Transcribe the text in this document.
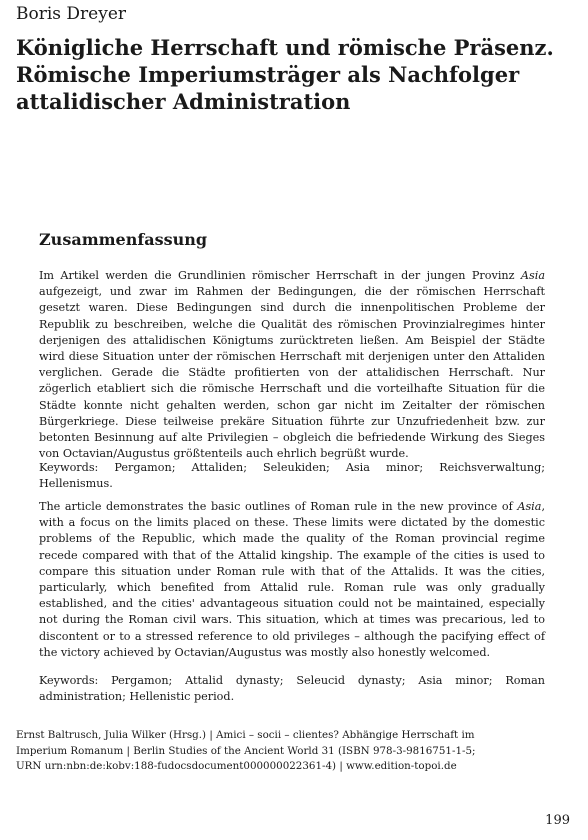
Boris Dreyer
Königliche Herrschaft und römische Präsenz. Römische Imperiumsträger als Nachfolger attalidischer Administration
Zusammenfassung

Im Artikel werden die Grundlinien römischer Herrschaft in der jungen Provinz Asia aufgezeigt, und zwar im Rahmen der Bedingungen, die der römischen Herrschaft gesetzt waren. Diese Bedingungen sind durch die innenpolitischen Probleme der Republik zu beschreiben, welche die Qualität des römischen Provinzialregimes hinter derjenigen des attalidischen Königtums zurücktreten ließen. Am Beispiel der Städte wird diese Situation unter der römischen Herrschaft mit derjenigen unter den Attaliden verglichen. Gerade die Städte profitierten von der attalidischen Herrschaft. Nur zögerlich etabliert sich die römische Herrschaft und die vorteilhafte Situation für die Städte konnte nicht gehalten werden, schon gar nicht im Zeitalter der römischen Bürgerkriege. Diese teilweise prekäre Situation führte zur Unzufriedenheit bzw. zur betonten Besinnung auf alte Privilegien – obgleich die befriedende Wirkung des Sieges von Octavian/Augustus größtenteils auch ehrlich begrüßt wurde.

Keywords: Pergamon; Attaliden; Seleukiden; Asia minor; Reichsverwaltung; Hellenismus.

The article demonstrates the basic outlines of Roman rule in the new province of Asia, with a focus on the limits placed on these. These limits were dictated by the domestic problems of the Republic, which made the quality of the Roman provincial regime recede compared with that of the Attalid kingship. The example of the cities is used to compare this situation under Roman rule with that of the Attalids. It was the cities, particularly, which benefited from Attalid rule. Roman rule was only gradually established, and the cities' advantageous situation could not be maintained, especially not during the Roman civil wars. This situation, which at times was precarious, led to discontent or to a stressed reference to old privileges – although the pacifying effect of the victory achieved by Octavian/Augustus was mostly also honestly welcomed.

Keywords: Pergamon; Attalid dynasty; Seleucid dynasty; Asia minor; Roman administration; Hellenistic period.

Ernst Baltrusch, Julia Wilker (Hrsg.) | Amici – socii – clientes? Abhängige Herrschaft im
Imperium Romanum | Berlin Studies of the Ancient World 31 (ISBN 978-3-9816751-1-5;
URN urn:nbn:de:kobv:188-fudocsdocument000000022361-4) | www.edition-topoi.de
199
